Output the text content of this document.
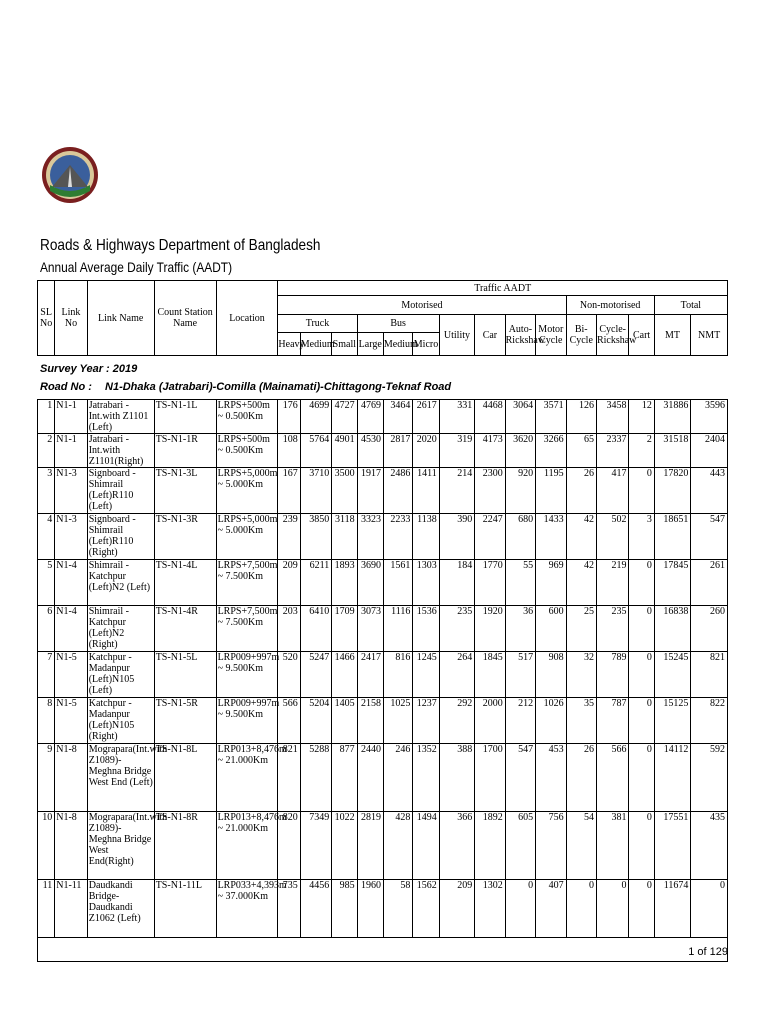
Roads & Highways Department of Bangladesh
Annual Average Daily Traffic (AADT)
SL No	Link No	Link Name	Count Station Name	Location	Traffic AADT														
					Motorised										Non-motorised			Total	
					Truck			Bus			Utility	Car	Auto-Rickshaw	Motor Cycle	Bi-Cycle	Cycle-Rickshaw	Cart	MT	NMT
					Heavy	Medium	Small	Large	Medium	Micro									
Survey Year : 2019
Road No : N1-Dhaka (Jatrabari)-Comilla (Mainamati)-Chittagong-Teknaf Road
1	N1-1	Jatrabari - Int.with Z1101 (Left)	TS-N1-1L	LRPS+500m ~ 0.500Km	176	4699	4727	4769	3464	2617	331	4468	3064	3571	126	3458	12	31886	3596
2	N1-1	Jatrabari - Int.with Z1101(Right)	TS-N1-1R	LRPS+500m ~ 0.500Km	108	5764	4901	4530	2817	2020	319	4173	3620	3266	65	2337	2	31518	2404
3	N1-3	Signboard - Shimrail (Left)R110 (Left)	TS-N1-3L	LRPS+5,000m ~ 5.000Km	167	3710	3500	1917	2486	1411	214	2300	920	1195	26	417	0	17820	443
4	N1-3	Signboard - Shimrail (Left)R110 (Right)	TS-N1-3R	LRPS+5,000m ~ 5.000Km	239	3850	3118	3323	2233	1138	390	2247	680	1433	42	502	3	18651	547
5	N1-4	Shimrail - Katchpur (Left)N2 (Left)	TS-N1-4L	LRPS+7,500m ~ 7.500Km	209	6211	1893	3690	1561	1303	184	1770	55	969	42	219	0	17845	261
6	N1-4	Shimrail - Katchpur (Left)N2 (Right)	TS-N1-4R	LRPS+7,500m ~ 7.500Km	203	6410	1709	3073	1116	1536	235	1920	36	600	25	235	0	16838	260
7	N1-5	Katchpur - Madanpur (Left)N105 (Left)	TS-N1-5L	LRP009+997m ~ 9.500Km	520	5247	1466	2417	816	1245	264	1845	517	908	32	789	0	15245	821
8	N1-5	Katchpur - Madanpur (Left)N105 (Right)	TS-N1-5R	LRP009+997m ~ 9.500Km	566	5204	1405	2158	1025	1237	292	2000	212	1026	35	787	0	15125	822
9	N1-8	Mograpara(Int.with Z1089)-Meghna Bridge West End (Left)	TS-N1-8L	LRP013+8,476m ~ 21.000Km	821	5288	877	2440	246	1352	388	1700	547	453	26	566	0	14112	592
10	N1-8	Mograpara(Int.with Z1089)-Meghna Bridge West End(Right)	TS-N1-8R	LRP013+8,476m ~ 21.000Km	820	7349	1022	2819	428	1494	366	1892	605	756	54	381	0	17551	435
11	N1-11	Daudkandi Bridge-Daudkandi Z1062 (Left)	TS-N1-11L	LRP033+4,393m ~ 37.000Km	735	4456	985	1960	58	1562	209	1302	0	407	0	0	0	11674	0

1 of 129
